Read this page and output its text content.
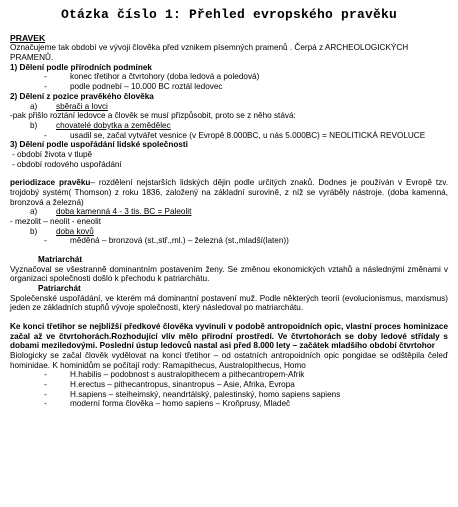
Otázka číslo 1: Přehled evropského pravěku

PRAVEK

Označujeme tak období ve vývoji člověka před vznikem písemných pramenů . Čerpá z ARCHEOLOGICKÝCH PRAMENŮ.

1) Dělení podle přírodních podmínek

-	konec třetihor a čtvrtohory (doba ledová a poledová)

-	podle podnebí – 10.000 BC roztál ledovec

2) Dělení z pozice pravěkého člověka

a) sběrači a lovci

-pak přišlo roztání ledovce a člověk se musí přizpůsobit, proto se z něho stává:

b) chovatelé dobytka a zemědělec

-	usadil se, začal vytvářet vesnice (v Evropě 8.000BC, u nás 5.000BC) = NEOLITICKÁ REVOLUCE

3) Dělení podle uspořádání lidské společnosti

- období života v tlupě

- období rodového uspořádání

periodizace pravěku– rozdělení nejstarších lidských dějin podle určitých znaků. Dodnes je používán v Evropě tzv. trojdobý systém( Thomson) z roku 1836, založený na základní surovině, z níž se vyráběly nástroje. (doba kamenná, bronzová a železná)

a) doba kamenná 4 - 3 tis. BC = Paleolit

- mezolit – neolit - eneolit

b) doba kovů

-	měděná – bronzová (st.,stř.,ml.) – železná (st.,mladší(laten))

Matriarchát

Vyznačoval se všestranně dominantním postavením ženy. Se změnou ekonomických vztahů a následnými změnami v organizaci společnosti došlo k přechodu k patriarchátu.

Patriarchát

Společenské uspořádání, ve kterém má dominantní postavení muž. Podle některých teorií (evolucionismus, marxismus) jeden ze základních stupňů vývoje společnosti, který následoval po matriarchátu.

Ke konci třetihor se nejbližší předkové člověka vyvinuli v podobě antropoidních opic, vlastní proces hominizace začal až ve čtvrtohorách.Rozhodující vliv mělo přírodní prostředí. Ve čtvrtohorách se doby ledové střídaly s dobami meziledovými. Poslední ústup ledovců nastal asi před 8.000 lety – začátek mladšího období čtvrtohor

Biologicky se začal člověk vydělovat na konci třetihor – od ostatních antropoidních opic pongidae se odštěpila čeleď hominidae. K hominidům se počítají rody: Ramapithecus, Australopithecus, Homo

-	H.habilis – podobnost s australopithecem a pithecantropem-Afrik

-	H.erectus – pithecantropus, sinantropus – Asie, Afrika, Evropa

-	H.sapiens – steiheimský, neandrtálský, palestinský, homo sapiens sapiens

-	moderní forma člověka – homo sapiens – Kroňprusy, Mladeč
